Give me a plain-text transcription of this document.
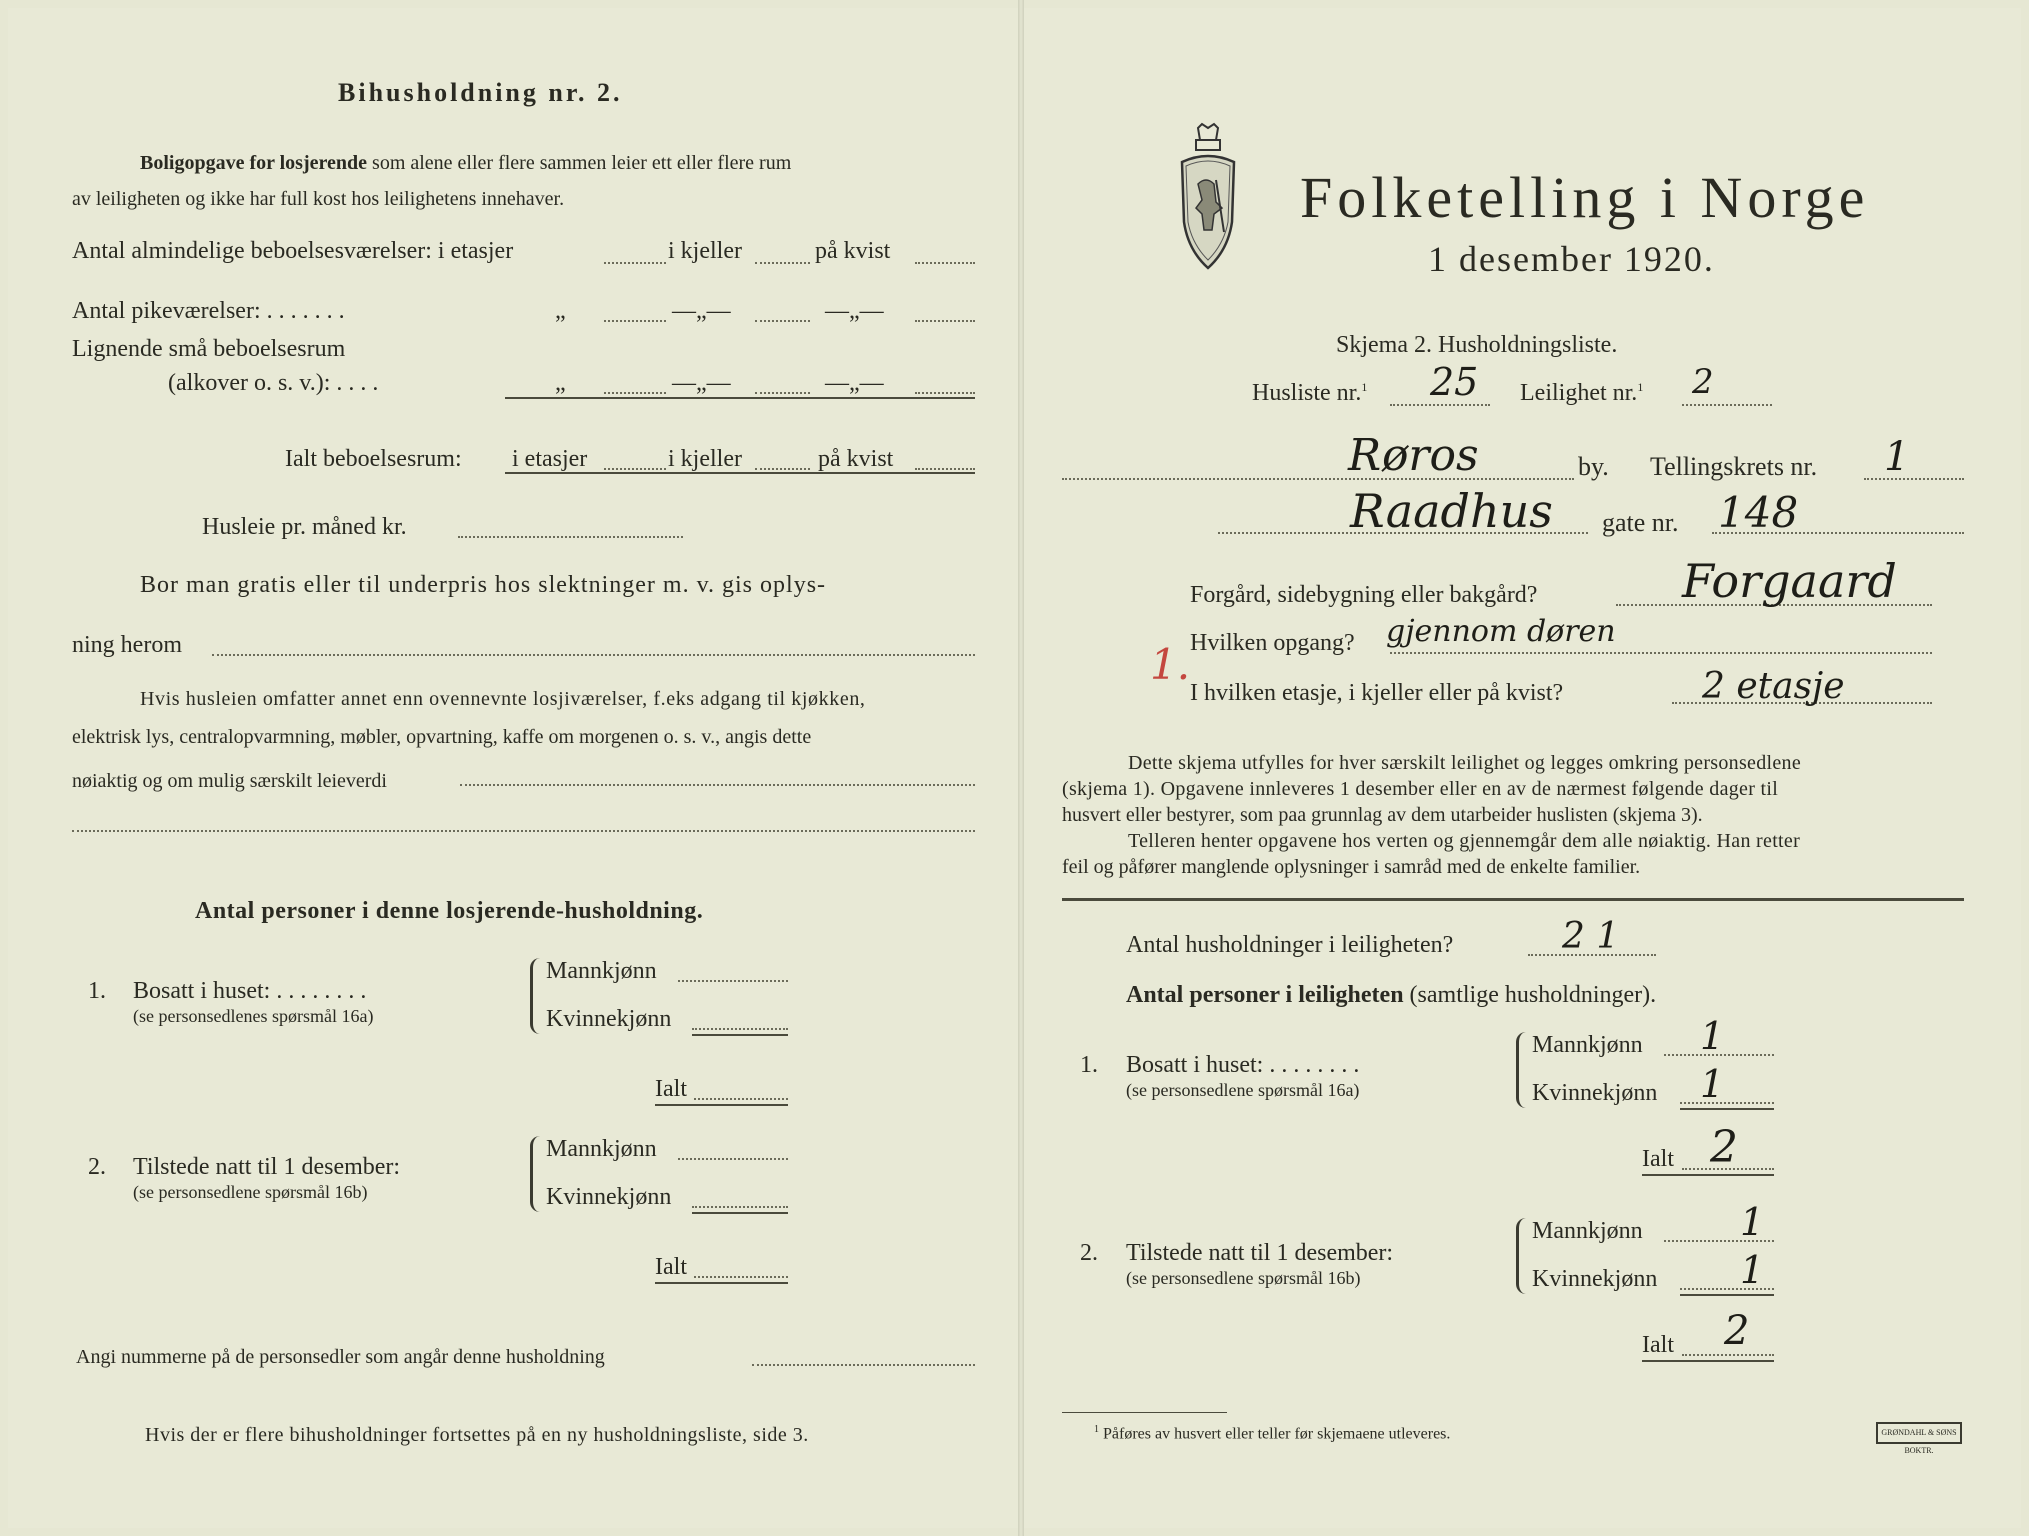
Bihusholdning nr. 2.
Boligopgave for losjerende som alene eller flere sammen leier ett eller flere rum
av leiligheten og ikke har full kost hos leilighetens innehaver.
Antal almindelige beboelsesværelser: i etasjer	i kjeller	på kvist
Antal pikeværelser: . . . . . . .	„	—„—	—„—
Lignende små beboelsesrum
(alkover o. s. v.): . . . .	„	—„—	—„—
Ialt beboelsesrum: i etasjer	i kjeller	på kvist
Husleie pr. måned kr.
Bor man gratis eller til underpris hos slektninger m. v. gis oplys-
ning herom
Hvis husleien omfatter annet enn ovennevnte losjiværelser, f.eks adgang til kjøkken,
elektrisk lys, centralopvarmning, møbler, opvartning, kaffe om morgenen o. s. v., angis dette
nøiaktig og om mulig særskilt leieverdi
Antal personer i denne losjerende-husholdning.
1. Bosatt i huset: . . . . . . . .
(se personsedlenes spørsmål 16a)
Mannkjønn
Kvinnekjønn
Ialt
2. Tilstede natt til 1 desember:
(se personsedlene spørsmål 16b)
Mannkjønn
Kvinnekjønn
Ialt
Angi nummerne på de personsedler som angår denne husholdning
Hvis der er flere bihusholdninger fortsettes på en ny husholdningsliste, side 3.
Folketelling i Norge
1 desember 1920.
Skjema 2. Husholdningsliste.
Husliste nr.$^1$ 25 Leilighet nr.$^1$ 2
Røros	by. Tellingskrets nr. 1
Raadhus gate nr. 148
Forgård, sidebygning eller bakgård?	Forgaard
1. Hvilken opgang? gjennom døren
I hvilken etasje, i kjeller eller på kvist?	2 etasje
Dette skjema utfylles for hver særskilt leilighet og legges omkring personsedlene
(skjema 1). Opgavene innleveres 1 desember eller en av de nærmest følgende dager til
husvert eller bestyrer, som paa grunnlag av dem utarbeider huslisten (skjema 3).
Telleren henter opgavene hos verten og gjennemgår dem alle nøiaktig. Han retter
feil og påfører manglende oplysninger i samråd med de enkelte familier.
Antal husholdninger i leiligheten?	2 1
Antal personer i leiligheten (samtlige husholdninger).
1. Bosatt i huset: . . . . . . . .
(se personsedlene spørsmål 16a)
Mannkjønn 1
Kvinnekjønn 1
Ialt 2
2. Tilstede natt til 1 desember:
(se personsedlene spørsmål 16b)
Mannkjønn	1
Kvinnekjønn 1
Ialt 2
$^1$ Påføres av husvert eller teller før skjemaene utleveres.	GRØNDAHL & SØNS BOKTR.
